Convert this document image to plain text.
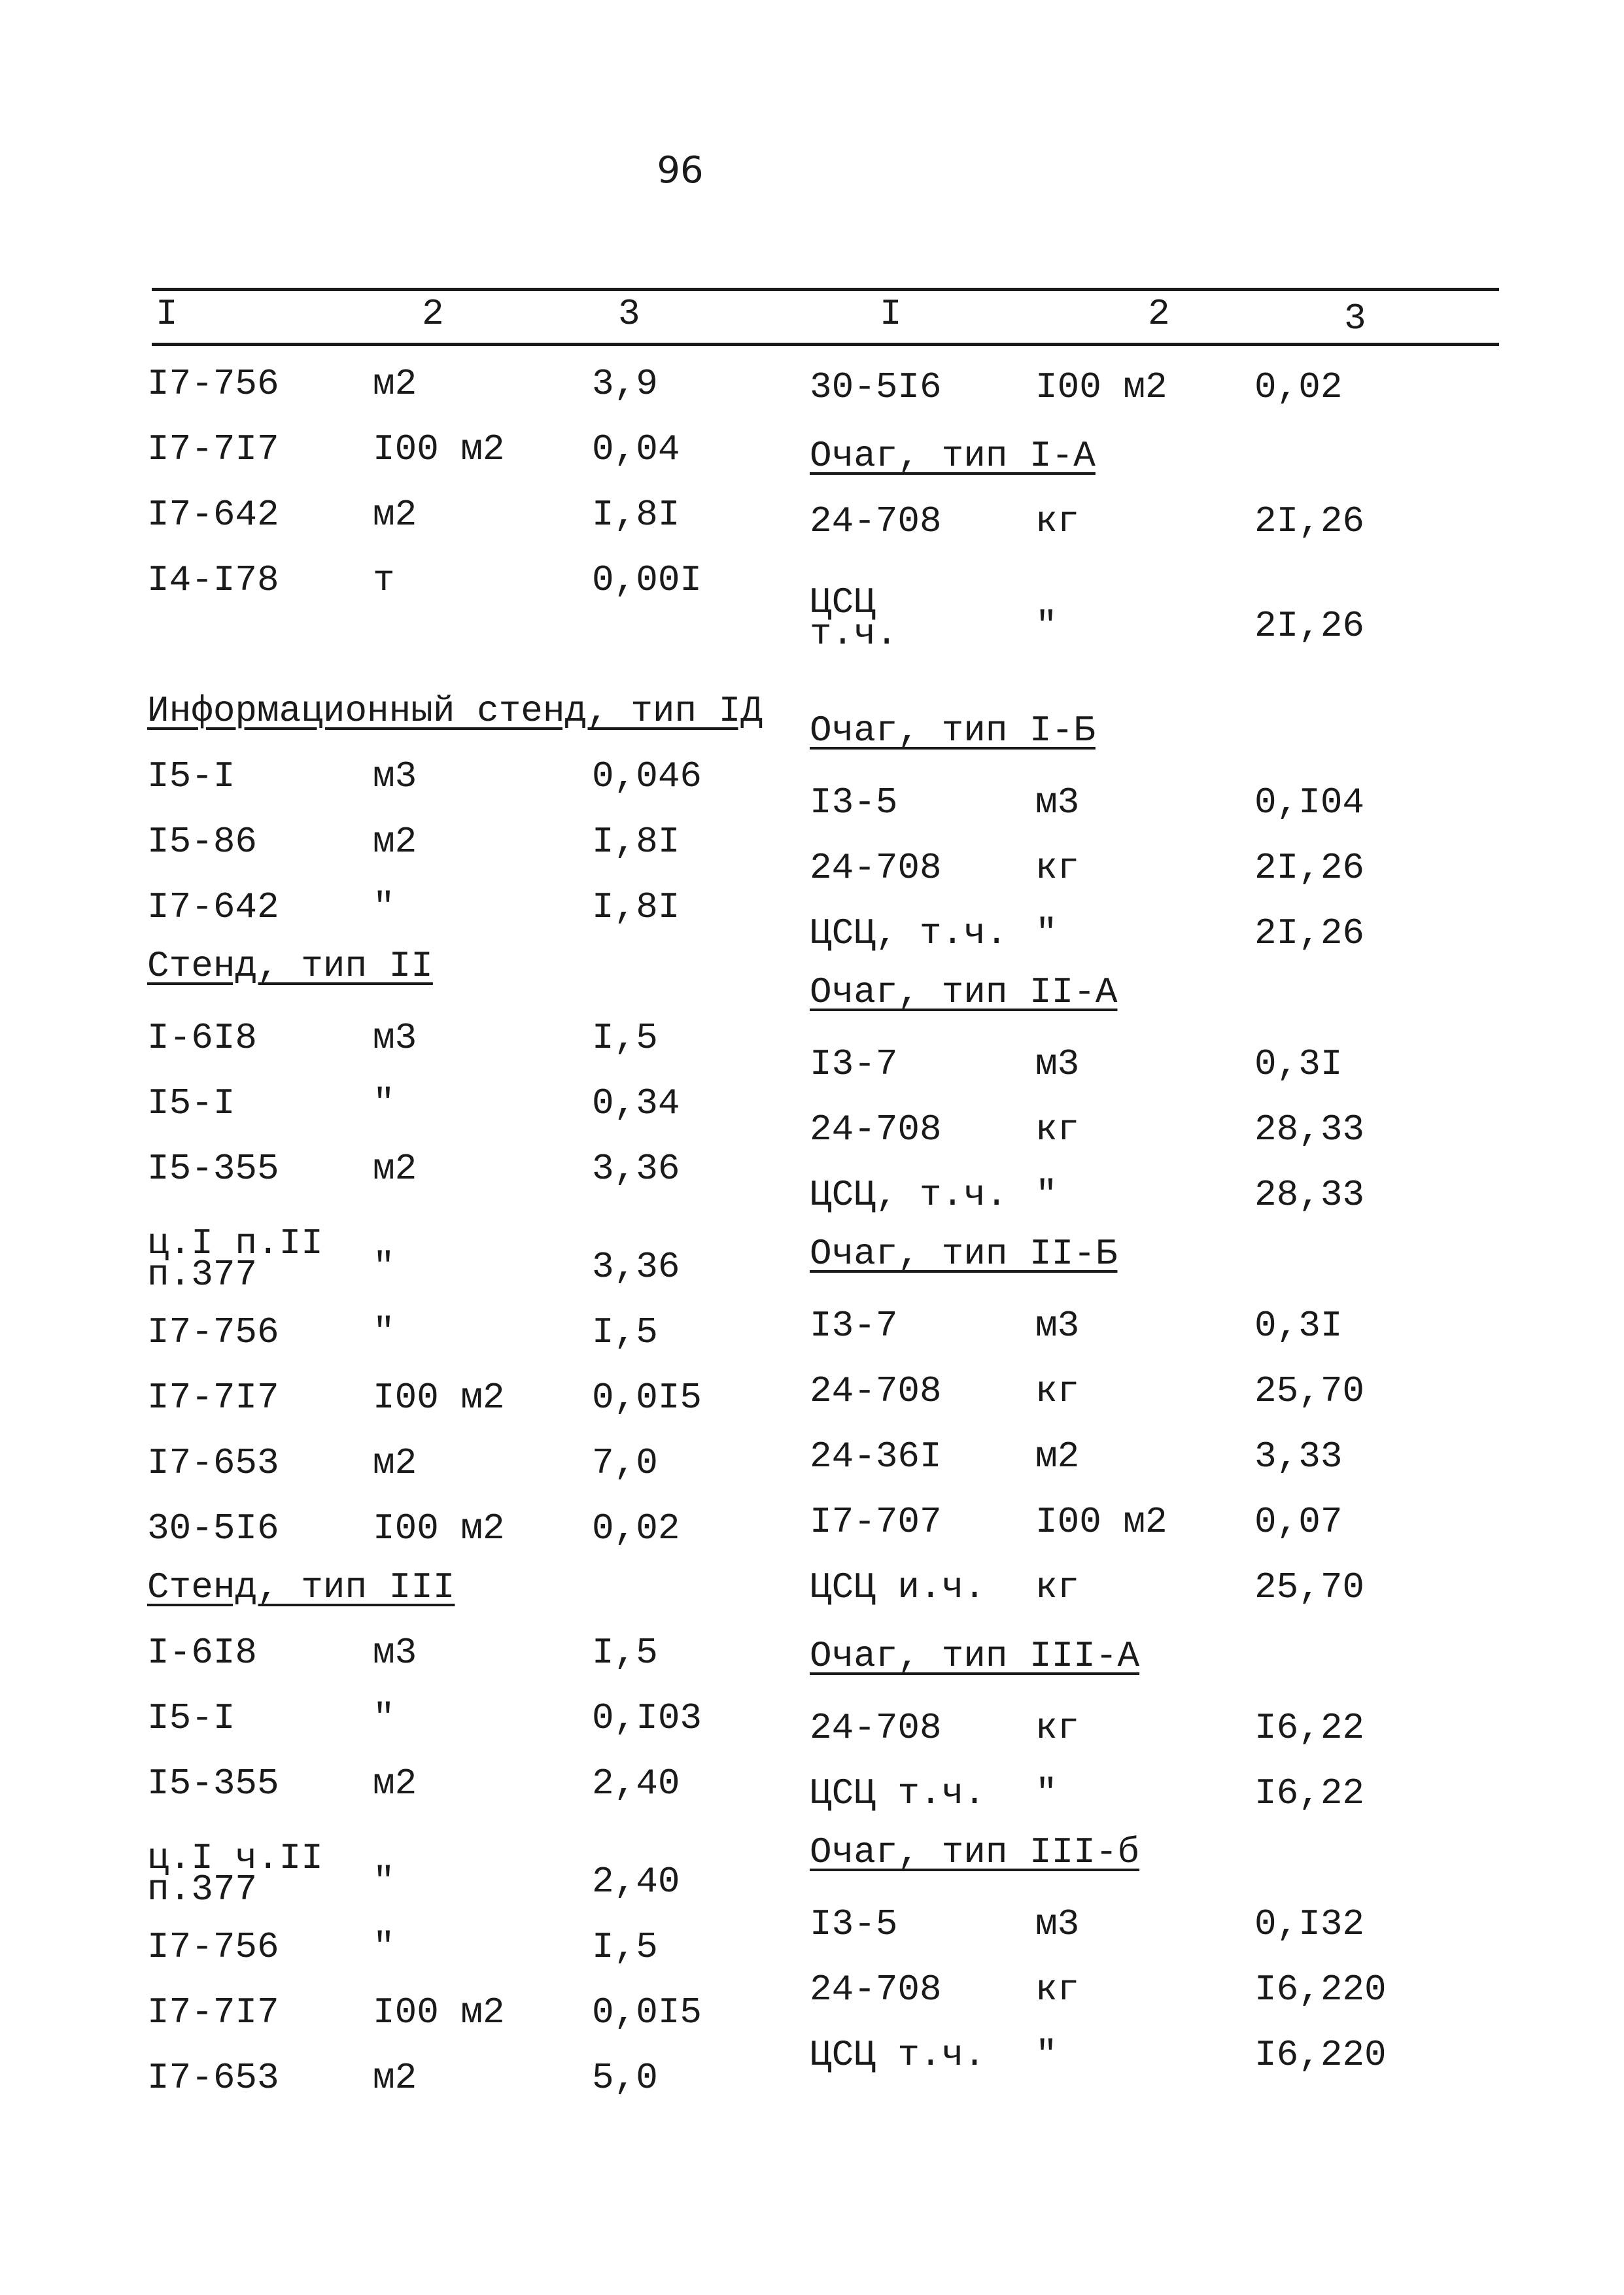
96
I	2	3	I	2	3
I7-756	м2	3,9
I7-7I7	I00 м2 0,04
I7-642	м2	I,8I
I4-I78	т	0,00I
Информационный стенд, тип IД
I5-I	м3	0,046
I5-86	м2	I,8I
I7-642	"	I,8I
Стенд, тип II
I-6I8	м3	I,5
I5-I	"	0,34
I5-355	м2	3,36
ц.I п.II
п.377	"	3,36
I7-756	"	I,5
I7-7I7	I00 м2 0,0I5
I7-653	м2	7,0
30-5I6	I00 м2 0,02
Стенд, тип III
I-6I8	м3	I,5
I5-I	"	0,I03
I5-355	м2	2,40
ц.I ч.II
п.377	"	2,40
I7-756	"	I,5
I7-7I7	I00 м2 0,0I5
I7-653	м2	5,0
30-5I6	I00 м2 0,02
Очаг, тип I-А
24-708	кг	2I,26
ЦСЦ
т.ч.	"	2I,26
Очаг, тип I-Б
I3-5	м3	0,I04
24-708	кг	2I,26
ЦСЦ, т.ч. "	2I,26
Очаг, тип II-А
I3-7	м3	0,3I
24-708	кг	28,33
ЦСЦ, т.ч. "	28,33
Очаг, тип II-Б
I3-7	м3	0,3I
24-708	кг	25,70
24-36I	м2	3,33
I7-707	I00 м2 0,07
ЦСЦ и.ч. кг	25,70
Очаг, тип III-А
24-708	кг	I6,22
ЦСЦ т.ч. "	I6,22
Очаг, тип III-б
I3-5	м3	0,I32
24-708	кг	I6,220
ЦСЦ т.ч. "	I6,220
